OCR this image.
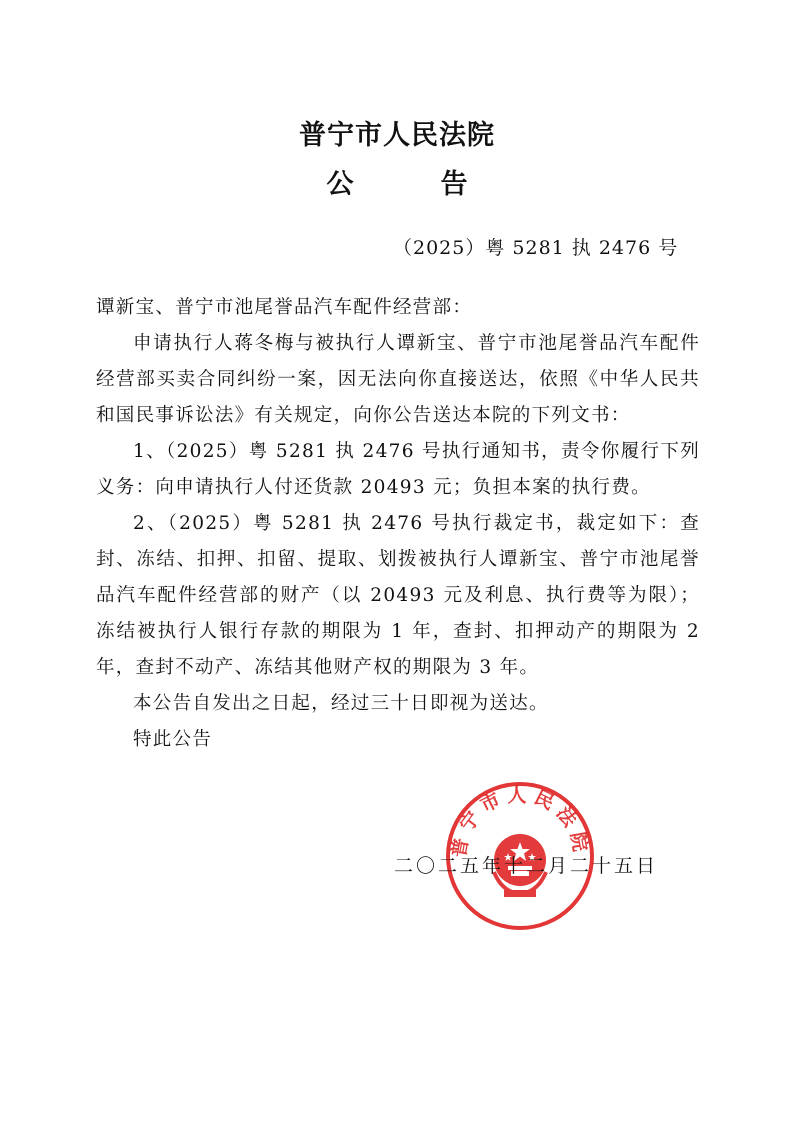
普宁市人民法院
公　告
（2025）粤 5281 执 2476 号

谭新宝、普宁市池尾誉品汽车配件经营部：

申请执行人蒋冬梅与被执行人谭新宝、普宁市池尾誉品汽车配件经营部买卖合同纠纷一案，因无法向你直接送达，依照《中华人民共和国民事诉讼法》有关规定，向你公告送达本院的下列文书：

1、（2025）粤 5281 执 2476 号执行通知书，责令你履行下列义务：向申请执行人付还货款 20493 元；负担本案的执行费。

2、（2025）粤 5281 执 2476 号执行裁定书，裁定如下：查封、冻结、扣押、扣留、提取、划拨被执行人谭新宝、普宁市池尾誉品汽车配件经营部的财产（以 20493 元及利息、执行费等为限）；冻结被执行人银行存款的期限为 1 年，查封、扣押动产的期限为 2 年，查封不动产、冻结其他财产权的期限为 3 年。

本公告自发出之日起，经过三十日即视为送达。

特此公告

普宁市人民法院
二〇二五年十二月二十五日
